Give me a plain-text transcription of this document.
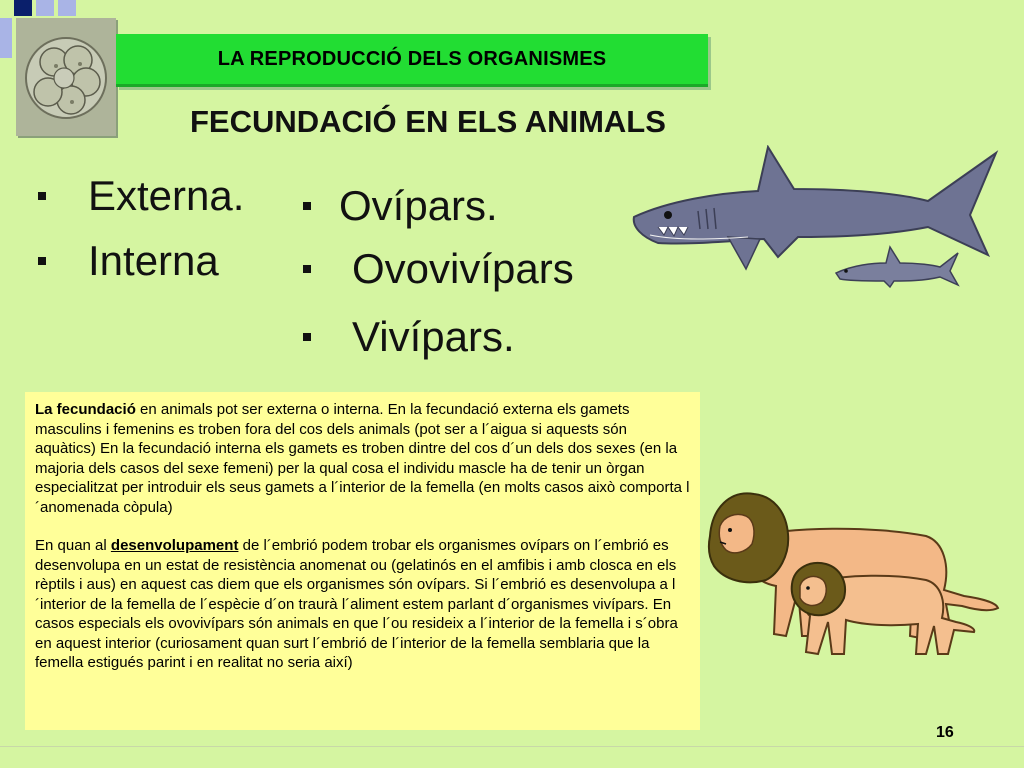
LA REPRODUCCIÓ DELS ORGANISMES
FECUNDACIÓ EN ELS ANIMALS
Externa.
Interna
Ovípars.
Ovovivípars
Vivípars.

La fecundació en animals pot ser externa o interna. En la fecundació externa els gamets masculins i femenins es troben fora del cos dels animals (pot ser a l´aigua si aquests són aquàtics) En la fecundació interna els gamets es troben dintre del cos d´un dels dos sexes (en la majoria dels casos del sexe femeni) per la qual cosa el individu mascle ha de tenir un òrgan especialitzat per introduir els seus gamets a l´interior de la femella (en molts casos això comporta l´anomenada còpula)

En quan al desenvolupament de l´embrió podem trobar els organismes ovípars on l´embrió es desenvolupa en un estat de resistència anomenat ou (gelatinós en el amfibis i amb closca en els rèptils i aus) en aquest cas diem que els organismes són ovípars. Si l´embrió es desenvolupa a l´interior de la femella de l´espècie d´on traurà l´aliment estem parlant d´organismes vivípars. En casos especials els ovovivípars són animals en que l´ou resideix a l´interior de la femella i s´obra en aquest interior (curiosament quan surt l´embrió de l´interior de la femella semblaria que la femella estigués parint i en realitat no seria així)

16
